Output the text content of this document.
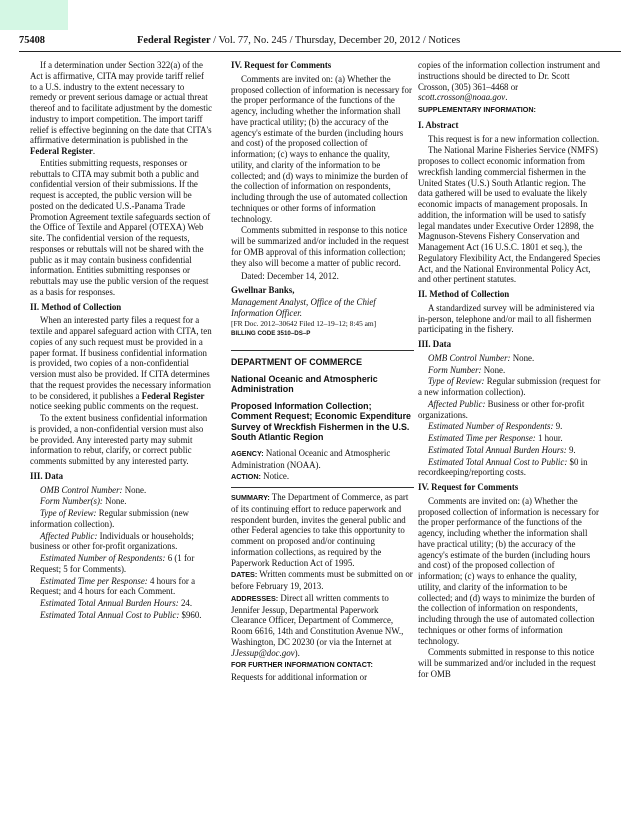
75408	Federal Register / Vol. 77, No. 245 / Thursday, December 20, 2012 / Notices

If a determination under Section 322(a) of the Act is affirmative, CITA may provide tariff relief to a U.S. industry to the extent necessary to remedy or prevent serious damage or actual threat thereof and to facilitate adjustment by the domestic industry to import competition. The import tariff relief is effective beginning on the date that CITA's affirmative determination is published in the Federal Register.

Entities submitting requests, responses or rebuttals to CITA may submit both a public and confidential version of their submissions. If the request is accepted, the public version will be posted on the dedicated U.S.-Panama Trade Promotion Agreement textile safeguards section of the Office of Textile and Apparel (OTEXA) Web site. The confidential version of the requests, responses or rebuttals will not be shared with the public as it may contain business confidential information. Entities submitting responses or rebuttals may use the public version of the request as a basis for responses.

II. Method of Collection

When an interested party files a request for a textile and apparel safeguard action with CITA, ten copies of any such request must be provided in a paper format. If business confidential information is provided, two copies of a non-confidential version must also be provided. If CITA determines that the request provides the necessary information to be considered, it publishes a Federal Register notice seeking public comments on the request.

To the extent business confidential information is provided, a non-confidential version must also be provided. Any interested party may submit information to rebut, clarify, or correct public comments submitted by any interested party.

III. Data

OMB Control Number: None.

Form Number(s): None.

Type of Review: Regular submission (new information collection).

Affected Public: Individuals or households; business or other for-profit organizations.

Estimated Number of Respondents: 6 (1 for Request; 5 for Comments).

Estimated Time per Response: 4 hours for a Request; and 4 hours for each Comment.

Estimated Total Annual Burden Hours: 24.

Estimated Total Annual Cost to Public: $960.

IV. Request for Comments

Comments are invited on: (a) Whether the proposed collection of information is necessary for the proper performance of the functions of the agency, including whether the information shall have practical utility; (b) the accuracy of the agency's estimate of the burden (including hours and cost) of the proposed collection of information; (c) ways to enhance the quality, utility, and clarity of the information to be collected; and (d) ways to minimize the burden of the collection of information on respondents, including through the use of automated collection techniques or other forms of information technology.

Comments submitted in response to this notice will be summarized and/or included in the request for OMB approval of this information collection; they also will become a matter of public record.

Dated: December 14, 2012.

Gwellnar Banks,

Management Analyst, Office of the Chief Information Officer.

[FR Doc. 2012–30642 Filed 12–19–12; 8:45 am]

BILLING CODE 3510–DS–P

DEPARTMENT OF COMMERCE
National Oceanic and Atmospheric Administration
Proposed Information Collection; Comment Request; Economic Expenditure Survey of Wreckfish Fishermen in the U.S. South Atlantic Region

AGENCY: National Oceanic and Atmospheric Administration (NOAA).

ACTION: Notice.

SUMMARY: The Department of Commerce, as part of its continuing effort to reduce paperwork and respondent burden, invites the general public and other Federal agencies to take this opportunity to comment on proposed and/or continuing information collections, as required by the Paperwork Reduction Act of 1995.

DATES: Written comments must be submitted on or before February 19, 2013.

ADDRESSES: Direct all written comments to Jennifer Jessup, Departmental Paperwork Clearance Officer, Department of Commerce, Room 6616, 14th and Constitution Avenue NW., Washington, DC 20230 (or via the Internet at JJessup@doc.gov).

FOR FURTHER INFORMATION CONTACT:

Requests for additional information or

copies of the information collection instrument and instructions should be directed to Dr. Scott Crosson, (305) 361–4468 or scott.crosson@noaa.gov.

SUPPLEMENTARY INFORMATION:

I. Abstract

This request is for a new information collection.

The National Marine Fisheries Service (NMFS) proposes to collect economic information from wreckfish landing commercial fishermen in the United States (U.S.) South Atlantic region. The data gathered will be used to evaluate the likely economic impacts of management proposals. In addition, the information will be used to satisfy legal mandates under Executive Order 12898, the Magnuson-Stevens Fishery Conservation and Management Act (16 U.S.C. 1801 et seq.), the Regulatory Flexibility Act, the Endangered Species Act, and the National Environmental Policy Act, and other pertinent statutes.

II. Method of Collection

A standardized survey will be administered via in-person, telephone and/or mail to all fishermen participating in the fishery.

III. Data

OMB Control Number: None.

Form Number: None.

Type of Review: Regular submission (request for a new information collection).

Affected Public: Business or other for-profit organizations.

Estimated Number of Respondents: 9.

Estimated Time per Response: 1 hour.

Estimated Total Annual Burden Hours: 9.

Estimated Total Annual Cost to Public: $0 in recordkeeping/reporting costs.

IV. Request for Comments

Comments are invited on: (a) Whether the proposed collection of information is necessary for the proper performance of the functions of the agency, including whether the information shall have practical utility; (b) the accuracy of the agency's estimate of the burden (including hours and cost) of the proposed collection of information; (c) ways to enhance the quality, utility, and clarity of the information to be collected; and (d) ways to minimize the burden of the collection of information on respondents, including through the use of automated collection techniques or other forms of information technology.

Comments submitted in response to this notice will be summarized and/or included in the request for OMB
